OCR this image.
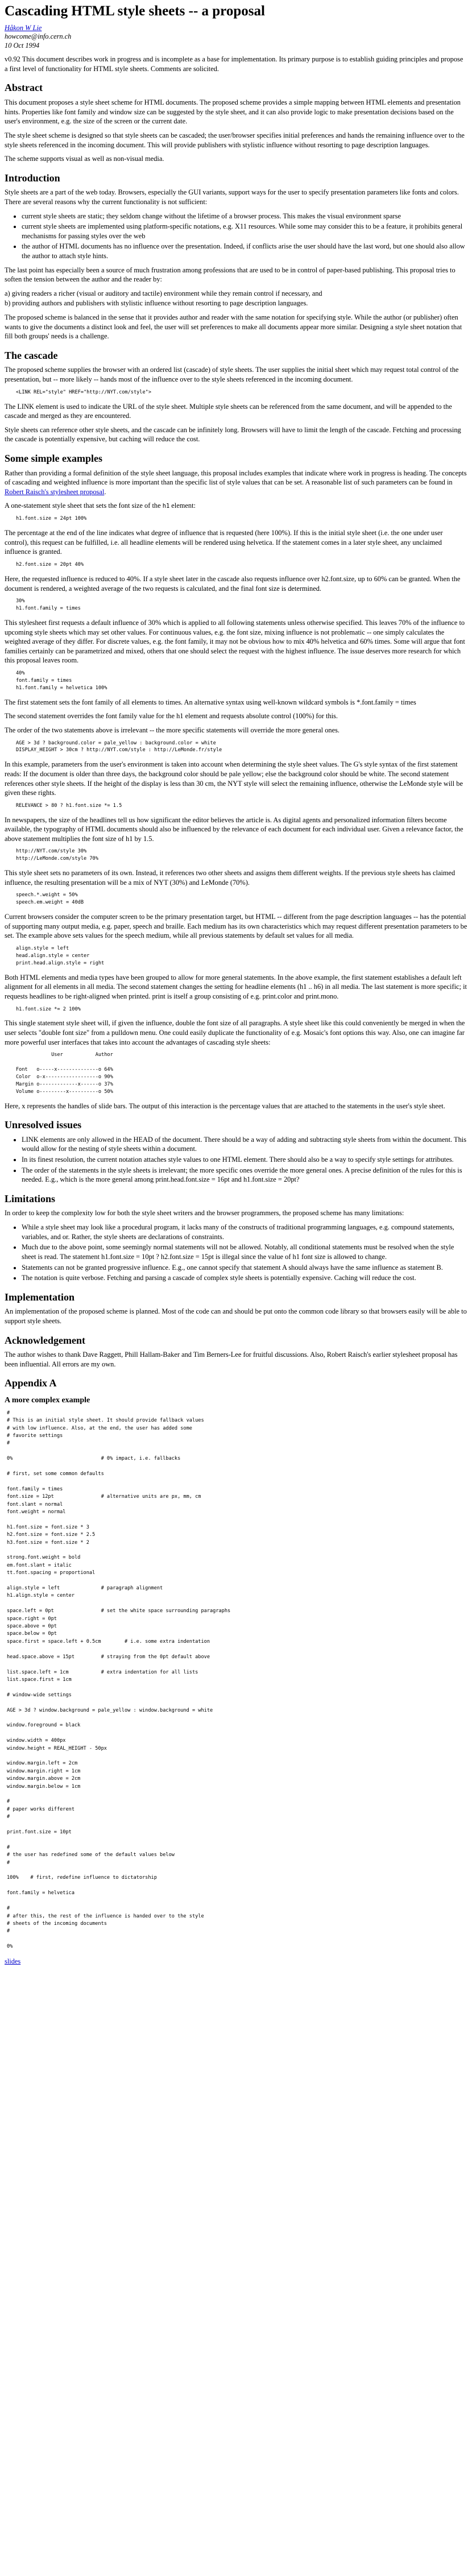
Cascading HTML style sheets -- a proposal
Håkon W Lie
howcome@info.cern.ch
10 Oct 1994

v0.92 This document describes work in progress and is incomplete as a base for implementation. Its primary purpose is to establish guiding principles and propose a first level of functionality for HTML style sheets. Comments are solicited.

Abstract

This document proposes a style sheet scheme for HTML documents. The proposed scheme provides a simple mapping between HTML elements and presentation hints. Properties like font family and window size can be suggested by the style sheet, and it can also provide logic to make presentation decisions based on the user's environment, e.g. the size of the screen or the current date.

The style sheet scheme is designed so that style sheets can be cascaded; the user/browser specifies initial preferences and hands the remaining influence over to the style sheets referenced in the incoming document. This will provide publishers with stylistic influence without resorting to page description languages.

The scheme supports visual as well as non-visual media.

Introduction

Style sheets are a part of the web today. Browsers, especially the GUI variants, support ways for the user to specify presentation parameters like fonts and colors. There are several reasons why the current functionality is not sufficient:

• current style sheets are static; they seldom change without the lifetime of a browser process. This makes the visual environment sparse
• current style sheets are implemented using platform-specific notations, e.g. X11 resources. While some may consider this to be a feature, it prohibits general mechanisms for passing styles over the web
• the author of HTML documents has no influence over the presentation. Indeed, if conflicts arise the user should have the last word, but one should also allow the author to attach style hints.

The last point has especially been a source of much frustration among professions that are used to be in control of paper-based publishing. This proposal tries to soften the tension between the author and the reader by:

a) giving readers a richer (visual or auditory and tactile) environment while they remain control if necessary, and
b) providing authors and publishers with stylistic influence without resorting to page description languages.

The proposed scheme is balanced in the sense that it provides author and reader with the same notation for specifying style. While the author (or publisher) often wants to give the documents a distinct look and feel, the user will set preferences to make all documents appear more similar. Designing a style sheet notation that fill both groups' needs is a challenge.

The cascade

The proposed scheme supplies the browser with an ordered list (cascade) of style sheets. The user supplies the initial sheet which may request total control of the presentation, but -- more likely -- hands most of the influence over to the style sheets referenced in the incoming document.

<LINK REL="style" HREF="http://NYT.com/style">

The LINK element is used to indicate the URL of the style sheet. Multiple style sheets can be referenced from the same document, and will be appended to the cascade and merged as they are encountered.

Style sheets can reference other style sheets, and the cascade can be infinitely long. Browsers will have to limit the length of the cascade. Fetching and processing the cascade is potentially expensive, but caching will reduce the cost.

Some simple examples

Rather than providing a formal definition of the style sheet language, this proposal includes examples that indicate where work in progress is heading. The concepts of cascading and weighted influence is more important than the specific list of style values that can be set. A reasonable list of such parameters can be found in Robert Raisch's stylesheet proposal.

A one-statement style sheet that sets the font size of the h1 element:

h1.font.size = 24pt 100%

The percentage at the end of the line indicates what degree of influence that is requested (here 100%). If this is the initial style sheet (i.e. the one under user control), this request can be fulfilled, i.e. all headline elements will be rendered using helvetica. If the statement comes in a later style sheet, any unclaimed influence is granted.

h2.font.size = 20pt 40%

Here, the requested influence is reduced to 40%. If a style sheet later in the cascade also requests influence over h2.font.size, up to 60% can be granted. When the document is rendered, a weighted average of the two requests is calculated, and the final font size is determined.

30%
h1.font.family = times

This stylesheet first requests a default influence of 30% which is applied to all following statements unless otherwise specified. This leaves 70% of the influence to upcoming style sheets which may set other values. For continuous values, e.g. the font size, mixing influence is not problematic -- one simply calculates the weighted average of they differ. For discrete values, e.g. the font family, it may not be obvious how to mix 40% helvetica and 60% times. Some will argue that font families certainly can be parametrized and mixed, others that one should select the request with the highest influence. The issue deserves more research for which this proposal leaves room.

40%
font.family = times
h1.font.family = helvetica 100%

The first statement sets the font family of all elements to times. An alternative syntax using well-known wildcard symbols is *.font.family = times

The second statement overrides the font family value for the h1 element and requests absolute control (100%) for this.

The order of the two statements above is irrelevant -- the more specific statements will override the more general ones.

AGE > 3d ? background.color = pale_yellow : background.color = white
DISPLAY_HEIGHT > 30cm ? http://NYT.com/style : http://LeMonde.fr/style

In this example, parameters from the user's environment is taken into account when determining the style sheet values. The G's style syntax of the first statement reads: If the document is older than three days, the background color should be pale yellow; else the background color should be white. The second statement references other style sheets. If the height of the display is less than 30 cm, the NYT style will select the remaining influence, otherwise the LeMonde style will be given these rights.

RELEVANCE > 80 ? h1.font.size *= 1.5

In newspapers, the size of the headlines tell us how significant the editor believes the article is. As digital agents and personalized information filters become available, the typography of HTML documents should also be influenced by the relevance of each document for each individual user. Given a relevance factor, the above statement multiplies the font size of h1 by 1.5.

http://NYT.com/style 30%
http://LeMonde.com/style 70%

This style sheet sets no parameters of its own. Instead, it references two other sheets and assigns them different weights. If the previous style sheets has claimed influence, the resulting presentation will be a mix of NYT (30%) and LeMonde (70%).

speech.*.weight = 50%
speech.em.weight = 40dB

Current browsers consider the computer screen to be the primary presentation target, but HTML -- different from the page description languages -- has the potential of supporting many output media, e.g. paper, speech and braille. Each medium has its own characteristics which may request different presentation parameters to be set. The example above sets values for the speech medium, while all previous statements by default set values for all media.

align.style = left
head.align.style = center
print.head.align.style = right

Both HTML elements and media types have been grouped to allow for more general statements. In the above example, the first statement establishes a default left alignment for all elements in all media. The second statement changes the setting for headline elements (h1 .. h6) in all media. The last statement is more specific; it requests headlines to be right-aligned when printed. print is itself a group consisting of e.g. print.color and print.mono.

h1.font.size *= 2 100%

This single statement style sheet will, if given the influence, double the font size of all paragraphs. A style sheet like this could conveniently be merged in when the user selects "double font size" from a pulldown menu. One could easily duplicate the functionality of e.g. Mosaic's font options this way. Also, one can imagine far more powerful user interfaces that takes into account the advantages of cascading style sheets:

User           Author

Font   o-----x--------------o 64%
Color  o-x------------------o 90%
Margin o-------------x------o 37%
Volume o---------x----------o 50%

Here, x represents the handles of slide bars. The output of this interaction is the percentage values that are attached to the statements in the user's style sheet.

Unresolved issues
• LINK elements are only allowed in the HEAD of the document. There should be a way of adding and subtracting style sheets from within the document. This would allow for the nesting of style sheets within a document.
• In its finest resolution, the current notation attaches style values to one HTML element. There should also be a way to specify style settings for attributes.
• The order of the statements in the style sheets is irrelevant; the more specific ones override the more general ones. A precise definition of the rules for this is needed. E.g., which is the more general among print.head.font.size = 16pt and h1.font.size = 20pt?
Limitations

In order to keep the complexity low for both the style sheet writers and the browser programmers, the proposed scheme has many limitations:

• While a style sheet may look like a procedural program, it lacks many of the constructs of traditional programming languages, e.g. compound statements, variables, and or. Rather, the style sheets are declarations of constraints.
• Much due to the above point, some seemingly normal statements will not be allowed. Notably, all conditional statements must be resolved when the style sheet is read. The statement h1.font.size = 10pt ? h2.font.size = 15pt is illegal since the value of h1 font size is allowed to change.
• Statements can not be granted progressive influence. E.g., one cannot specify that statement A should always have the same influence as statement B.
• The notation is quite verbose. Fetching and parsing a cascade of complex style sheets is potentially expensive. Caching will reduce the cost.
Implementation

An implementation of the proposed scheme is planned. Most of the code can and should be put onto the common code library so that browsers easily will be able to support style sheets.

Acknowledgement

The author wishes to thank Dave Raggett, Phill Hallam-Baker and Tim Berners-Lee for fruitful discussions. Also, Robert Raisch's earlier stylesheet proposal has been influential. All errors are my own.

Appendix A
A more complex example
#
# This is an initial style sheet. It should provide fallback values
# with low influence. Also, at the end, the user has added some
# favorite settings
#

0%                              # 0% impact, i.e. fallbacks

# first, set some common defaults

font.family = times
font.size = 12pt                # alternative units are px, mm, cm
font.slant = normal
font.weight = normal

h1.font.size = font.size * 3
h2.font.size = font.size * 2.5
h3.font.size = font.size * 2

strong.font.weight = bold
em.font.slant = italic
tt.font.spacing = proportional

align.style = left              # paragraph alignment
h1.align.style = center

space.left = 0pt                # set the white space surrounding paragraphs
space.right = 0pt
space.above = 0pt
space.below = 0pt
space.first = space.left + 0.5cm        # i.e. some extra indentation

head.space.above = 15pt         # straying from the 0pt default above

list.space.left = 1cm           # extra indentation for all lists
list.space.first = 1cm

# window-wide settings

AGE > 3d ? window.background = pale_yellow : window.background = white

window.foreground = black

window.width = 400px
window.height = REAL_HEIGHT - 50px

window.margin.left = 2cm
window.margin.right = 1cm
window.margin.above = 2cm
window.margin.below = 1cm

#
# paper works different
#

print.font.size = 10pt

#
# the user has redefined some of the default values below
#

100%    # first, redefine influence to dictatorship

font.family = helvetica

#
# after this, the rest of the influence is handed over to the style
# sheets of the incoming documents
#

0%
slides
